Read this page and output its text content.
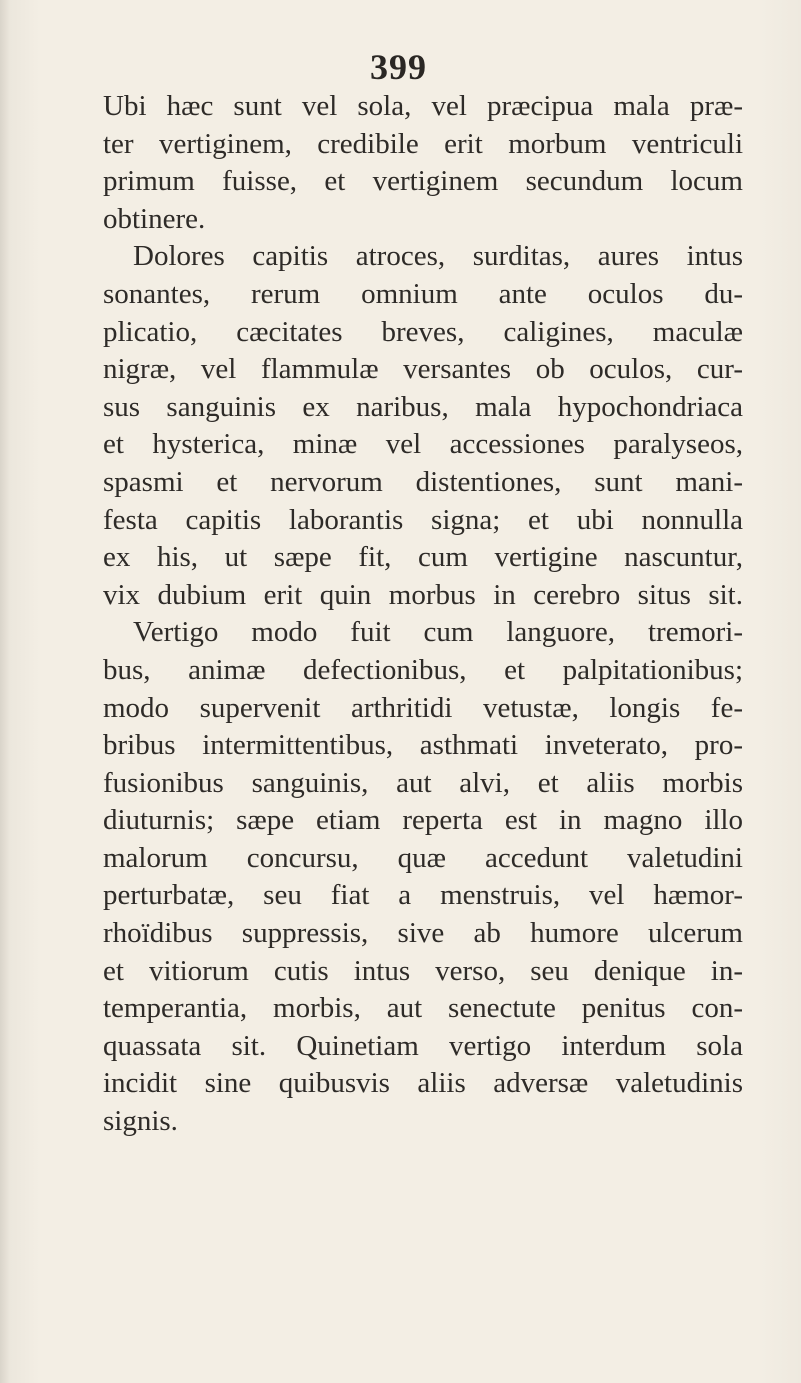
399
Ubi hæc sunt vel sola, vel præcipua mala præ-
ter vertiginem, credibile erit morbum ventriculi
primum fuisse, et vertiginem secundum locum
obtinere.
Dolores capitis atroces, surditas, aures intus
sonantes, rerum omnium ante oculos du-
plicatio, cæcitates breves, caligines, maculæ
nigræ, vel flammulæ versantes ob oculos, cur-
sus sanguinis ex naribus, mala hypochondriaca
et hysterica, minæ vel accessiones paralyseos,
spasmi et nervorum distentiones, sunt mani-
festa capitis laborantis signa; et ubi nonnulla
ex his, ut sæpe fit, cum vertigine nascuntur,
vix dubium erit quin morbus in cerebro situs sit.
Vertigo modo fuit cum languore, tremori-
bus, animæ defectionibus, et palpitationibus;
modo supervenit arthritidi vetustæ, longis fe-
bribus intermittentibus, asthmati inveterato, pro-
fusionibus sanguinis, aut alvi, et aliis morbis
diuturnis; sæpe etiam reperta est in magno illo
malorum concursu, quæ accedunt valetudini
perturbatæ, seu fiat a menstruis, vel hæmor-
rhoïdibus suppressis, sive ab humore ulcerum
et vitiorum cutis intus verso, seu denique in-
temperantia, morbis, aut senectute penitus con-
quassata sit. Quinetiam vertigo interdum sola
incidit sine quibusvis aliis adversæ valetudinis
signis.
